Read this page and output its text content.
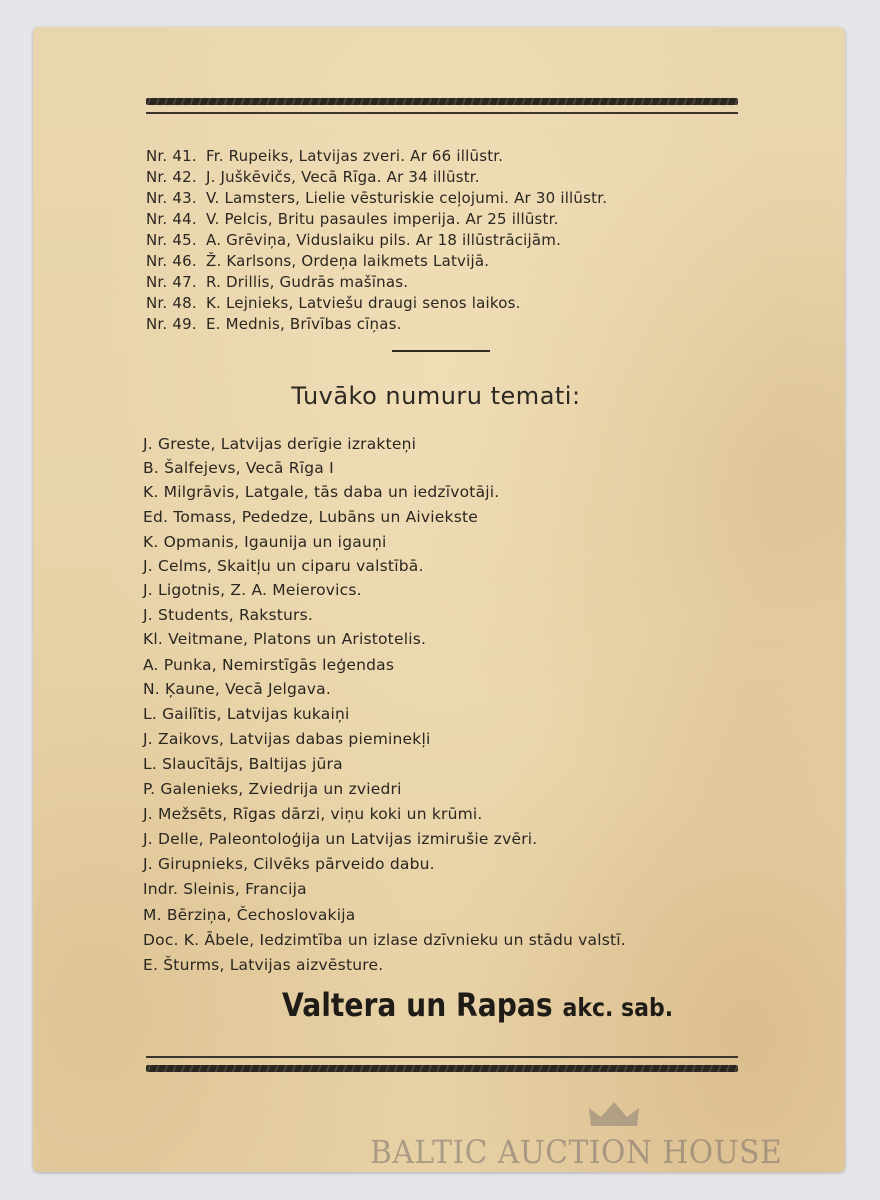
Nr. 41. Fr. Rupeiks, Latvijas zveri. Ar 66 illūstr.
Nr. 42. J. Juškēvičs, Vecā Rīga. Ar 34 illūstr.
Nr. 43. V. Lamsters, Lielie vēsturiskie ceļojumi. Ar 30 illūstr.
Nr. 44. V. Pelcis, Britu pasaules imperija. Ar 25 illūstr.
Nr. 45. A. Grēviņa, Viduslaiku pils. Ar 18 illūstrācijām.
Nr. 46. Ž. Karlsons, Ordeņa laikmets Latvijā.
Nr. 47. R. Drillis, Gudrās mašīnas.
Nr. 48. K. Lejnieks, Latviešu draugi senos laikos.
Nr. 49. E. Mednis, Brīvības cīņas.
Tuvāko numuru temati:
J. Greste, Latvijas derīgie izrakteņi
B. Šalfejevs, Vecā Rīga I
K. Milgrāvis, Latgale, tās daba un iedzīvotāji.
Ed. Tomass, Pededze, Lubāns un Aiviekste
K. Opmanis, Igaunija un igauņi
J. Celms, Skaitļu un ciparu valstībā.
J. Ligotnis, Z. A. Meierovics.
J. Students, Raksturs.
Kl. Veitmane, Platons un Aristotelis.
A. Punka, Nemirstīgās leģendas
N. Ķaune, Vecā Jelgava.
L. Gailītis, Latvijas kukaiņi
J. Zaikovs, Latvijas dabas pieminekļi
L. Slaucītājs, Baltijas jūra
P. Galenieks, Zviedrija un zviedri
J. Mežsēts, Rīgas dārzi, viņu koki un krūmi.
J. Delle, Paleontoloģija un Latvijas izmirušie zvēri.
J. Girupnieks, Cilvēks pārveido dabu.
Indr. Sleinis, Francija
M. Bērziņa, Čechoslovakija
Doc. K. Ābele, Iedzimtība un izlase dzīvnieku un stādu valstī.
E. Šturms, Latvijas aizvēsture.
Valtera un Rapas akc. sab.
BALTIC AUCTION HOUSE
